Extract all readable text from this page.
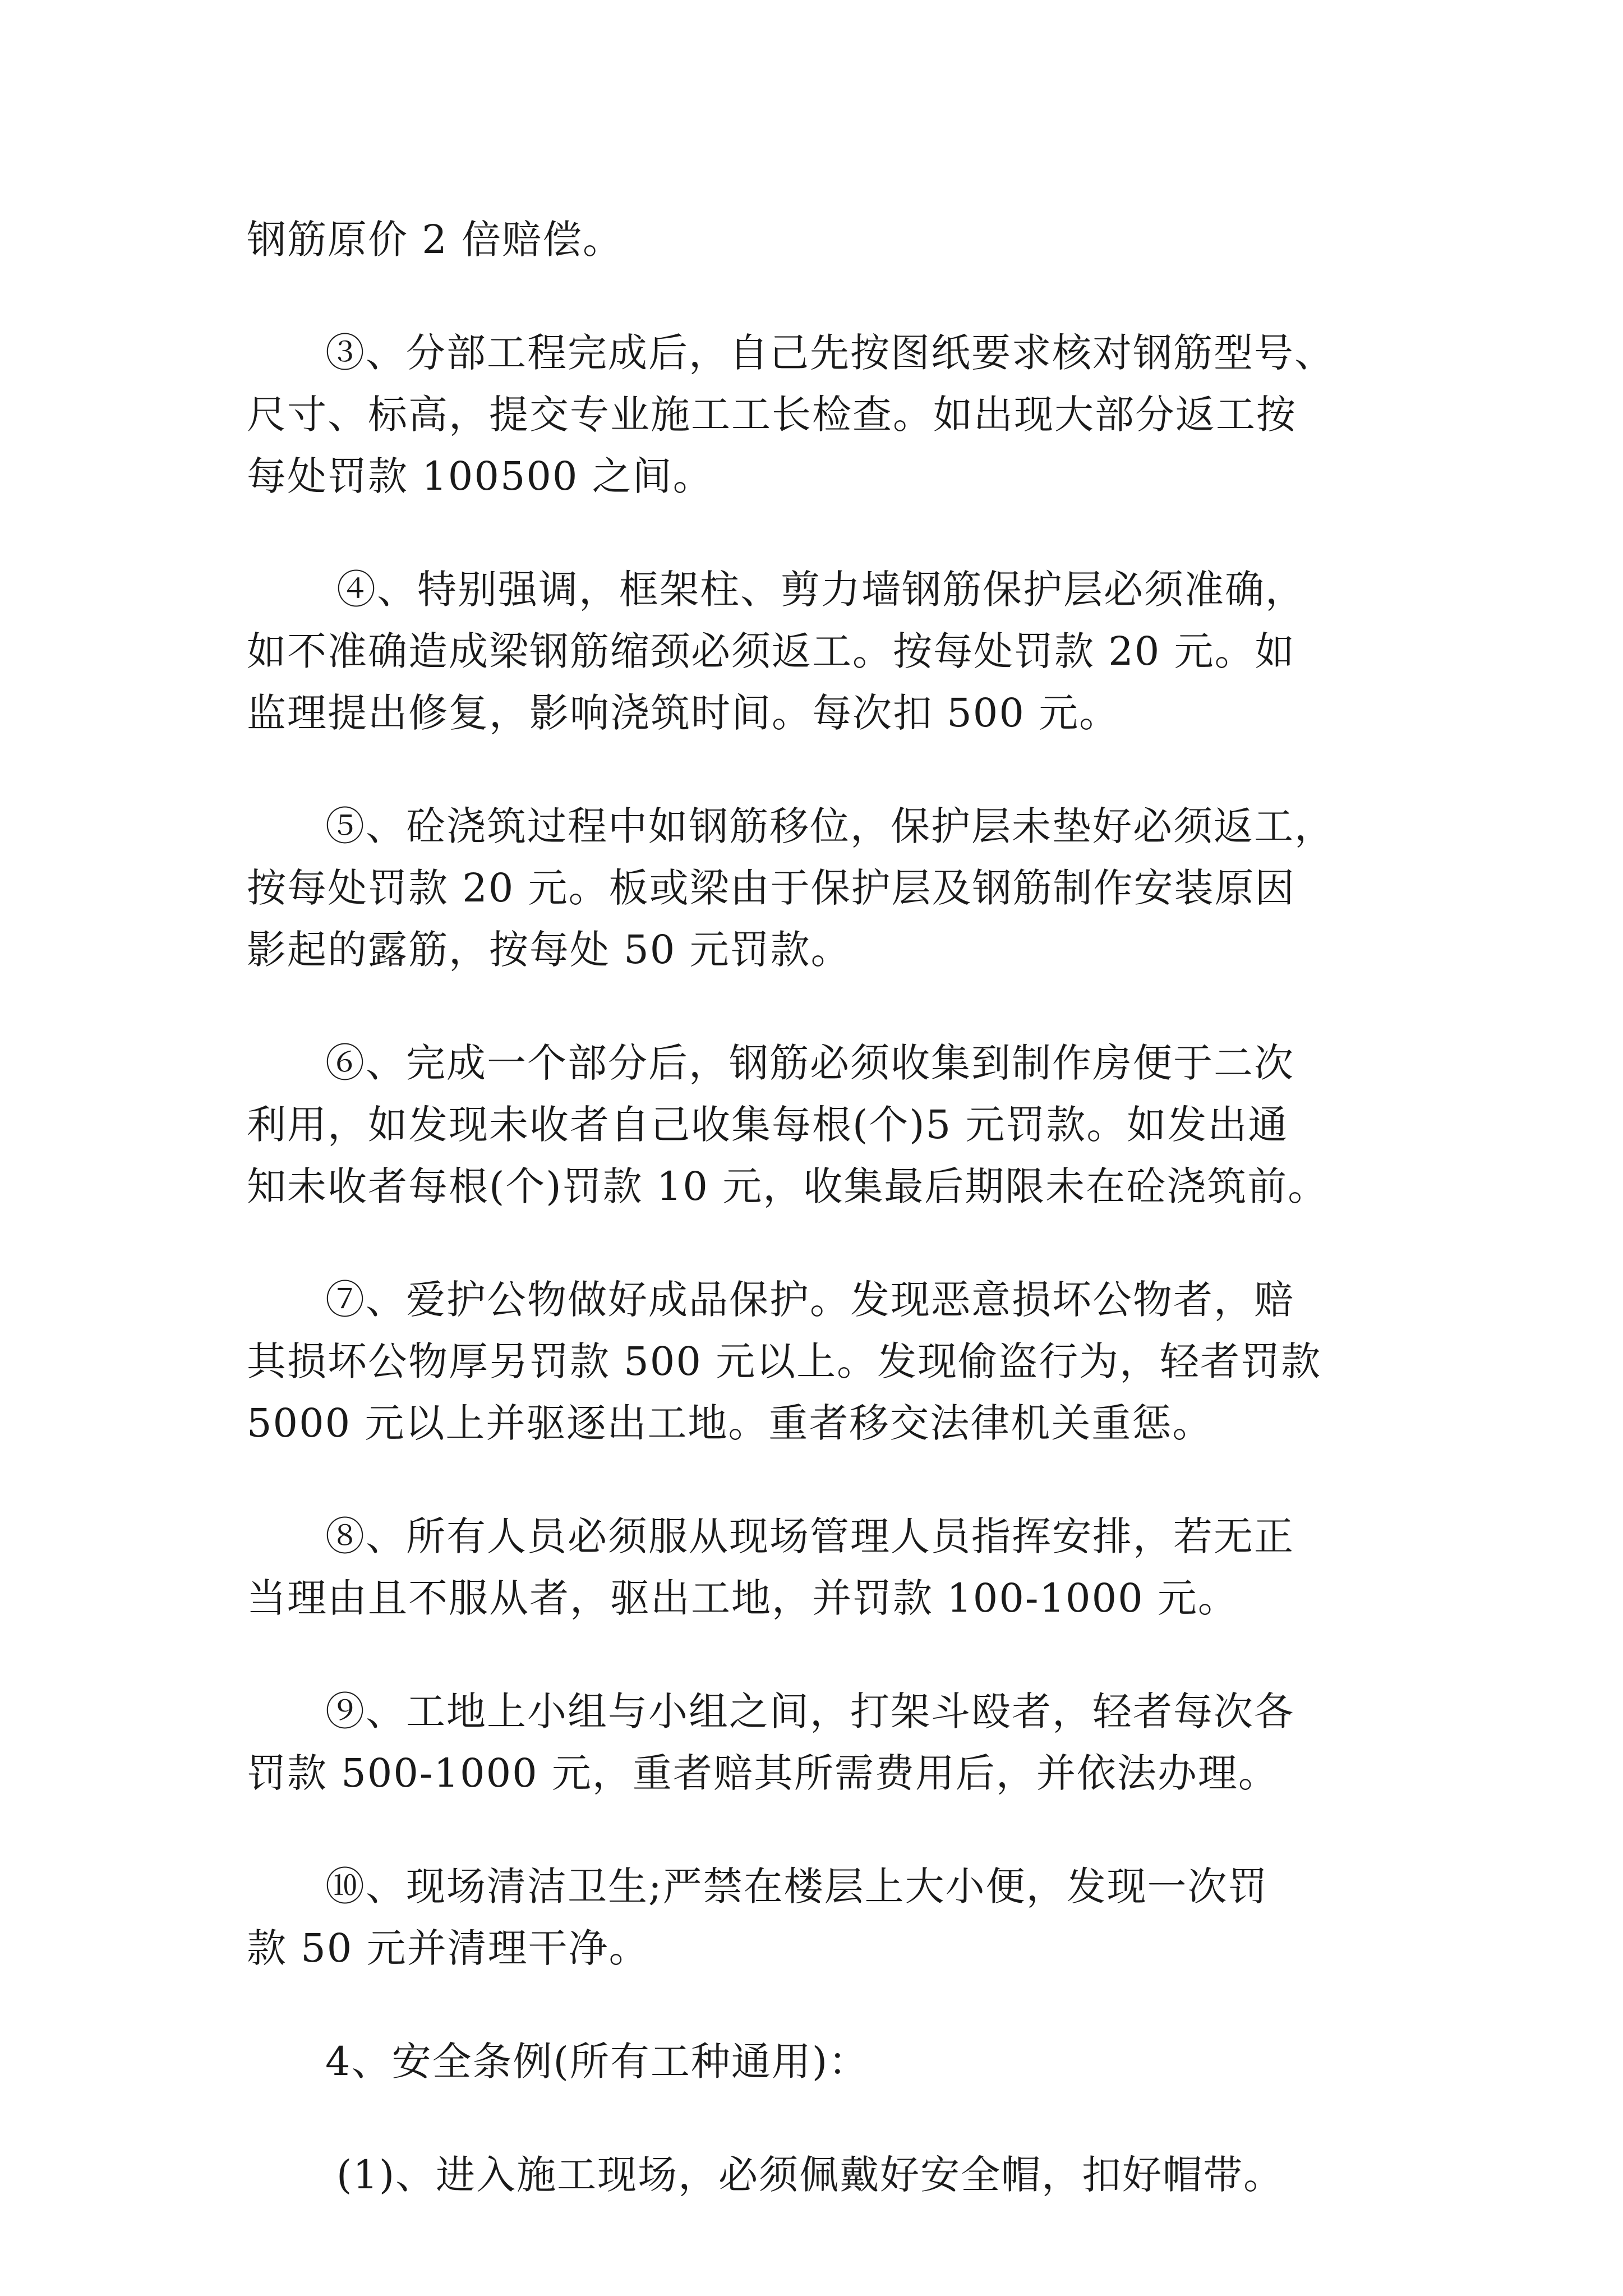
钢筋原价 2 倍赔偿。

③、分部工程完成后，自己先按图纸要求核对钢筋型号、

尺寸、标高，提交专业施工工长检查。如出现大部分返工按

每处罚款 100500 之间。

④、特别强调，框架柱、剪力墙钢筋保护层必须准确，

如不准确造成梁钢筋缩颈必须返工。按每处罚款 20 元。如

监理提出修复，影响浇筑时间。每次扣 500 元。

⑤、砼浇筑过程中如钢筋移位，保护层未垫好必须返工，

按每处罚款 20 元。板或梁由于保护层及钢筋制作安装原因

影起的露筋，按每处 50 元罚款。

⑥、完成一个部分后，钢筋必须收集到制作房便于二次

利用，如发现未收者自己收集每根(个)5 元罚款。如发出通

知未收者每根(个)罚款 10 元，收集最后期限未在砼浇筑前。

⑦、爱护公物做好成品保护。发现恶意损坏公物者，赔

其损坏公物厚另罚款 500 元以上。发现偷盗行为，轻者罚款

5000 元以上并驱逐出工地。重者移交法律机关重惩。

⑧、所有人员必须服从现场管理人员指挥安排，若无正

当理由且不服从者，驱出工地，并罚款 100-1000 元。

⑨、工地上小组与小组之间，打架斗殴者，轻者每次各

罚款 500-1000 元，重者赔其所需费用后，并依法办理。

⑩、现场清洁卫生;严禁在楼层上大小便，发现一次罚

款 50 元并清理干净。

4、安全条例(所有工种通用)：

(1)、进入施工现场，必须佩戴好安全帽，扣好帽带。
